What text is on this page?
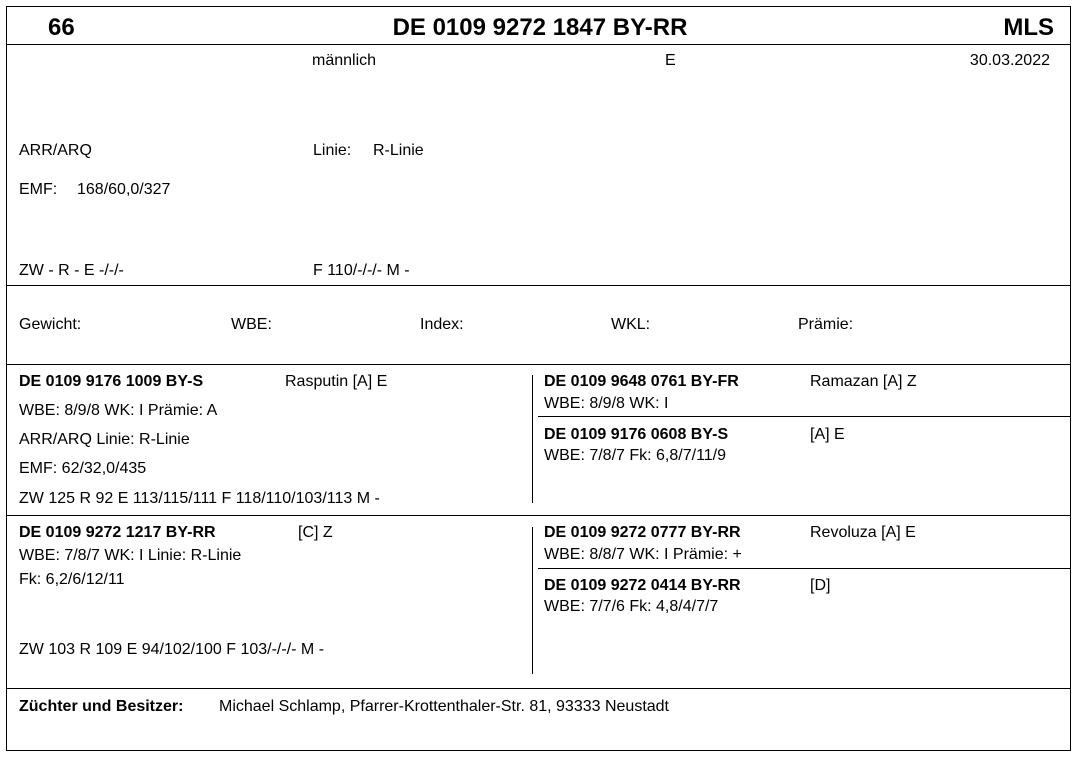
66	DE 0109 9272 1847 BY-RR	MLS
männlich	E	30.03.2022
ARR/ARQ	Linie: R-Linie
EMF: 168/60,0/327
ZW - R - E -/-/-	F 110/-/-/- M -
Gewicht:	WBE:	Index:	WKL:	Prämie:
DE 0109 9176 1009 BY-S	Rasputin [A] E
WBE: 8/9/8 WK: I Prämie: A
ARR/ARQ Linie: R-Linie
EMF: 62/32,0/435
ZW 125 R 92 E 113/115/111 F 118/110/103/113 M -
DE 0109 9648 0761 BY-FR	Ramazan [A] Z
WBE: 8/9/8 WK: I
DE 0109 9176 0608 BY-S	[A] E
WBE: 7/8/7 Fk: 6,8/7/11/9
DE 0109 9272 1217 BY-RR	[C] Z
WBE: 7/8/7 WK: I Linie: R-Linie
Fk: 6,2/6/12/11
ZW 103 R 109 E 94/102/100 F 103/-/-/- M -
DE 0109 9272 0777 BY-RR	Revoluza [A] E
WBE: 8/8/7 WK: I Prämie: +
DE 0109 9272 0414 BY-RR	[D]
WBE: 7/7/6 Fk: 4,8/4/7/7
Züchter und Besitzer: Michael Schlamp, Pfarrer-Krottenthaler-Str. 81, 93333 Neustadt
